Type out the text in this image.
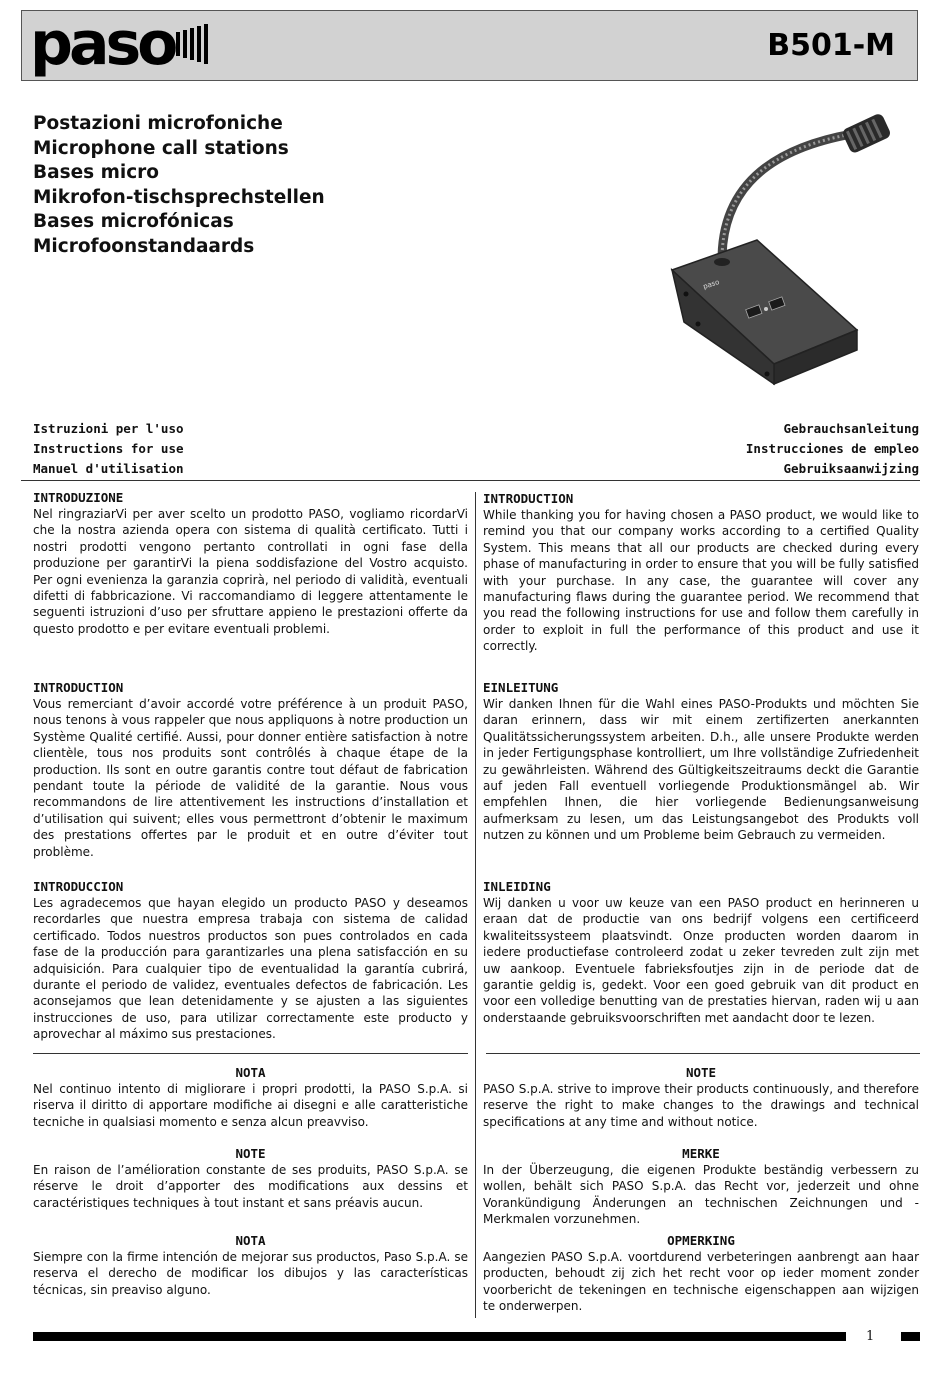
paso	B501-M
Postazioni microfoniche
Microphone call stations
Bases micro
Mikrofon-tischsprechstellen
Bases microfónicas
Microfoonstandaards
paso
Istruzioni per l'uso
Instructions for use
Manuel d'utilisation
Gebrauchsanleitung
Instrucciones de empleo
Gebruiksaanwijzing
INTRODUZIONE

Nel ringraziarVi per aver scelto un prodotto PASO, vogliamo ricordarVi che la nostra azienda opera con sistema di qualità certificato. Tutti i nostri prodotti vengono pertanto controllati in ogni fase della produzione per garantirVi la piena soddisfazione del Vostro acquisto. Per ogni evenienza la garanzia coprirà, nel periodo di validità, eventuali difetti di fabbricazione. Vi raccomandiamo di leggere attentamente le seguenti istruzioni d’uso per sfruttare appieno le prestazioni offerte da questo prodotto e per evitare eventuali problemi.

INTRODUCTION

Vous remerciant d’avoir accordé votre préférence à un produit PASO, nous tenons à vous rappeler que nous appliquons à notre production un Système Qualité certifié. Aussi, pour donner entière satisfaction à notre clientèle, tous nos produits sont contrôlés à chaque étape de la production. Ils sont en outre garantis contre tout défaut de fabrication pendant toute la période de validité de la garantie. Nous vous recommandons de lire attentivement les instructions d’installation et d’utilisation qui suivent; elles vous permettront d’obtenir le maximum des prestations offertes par le produit et en outre d’éviter tout problème.

INTRODUCCION

Les agradecemos que hayan elegido un producto PASO y deseamos recordarles que nuestra empresa trabaja con sistema de calidad certificado. Todos nuestros productos son pues controlados en cada fase de la producción para garantizarles una plena satisfacción en su adquisición. Para cualquier tipo de eventualidad la garantía cubrirá, durante el periodo de validez, eventuales defectos de fabricación. Les aconsejamos que lean detenidamente y se ajusten a las siguientes instrucciones de uso, para utilizar correctamente este producto y aprovechar al máximo sus prestaciones.

INTRODUCTION

While thanking you for having chosen a PASO product, we would like to remind you that our company works according to a certified Quality System. This means that all our products are checked during every phase of manufacturing in order to ensure that you will be fully satisfied with your purchase. In any case, the guarantee will cover any manufacturing flaws during the guarantee period. We recommend that you read the following instructions for use and follow them carefully in order to exploit in full the performance of this product and use it correctly.

EINLEITUNG

Wir danken Ihnen für die Wahl eines PASO-Produkts und möchten Sie daran erinnern, dass wir mit einem zertifizerten anerkannten Qualitätssicherungssystem arbeiten. D.h., alle unsere Produkte werden in jeder Fertigungsphase kontrolliert, um Ihre vollständige Zufriedenheit zu gewährleisten. Während des Gültigkeitszeitraums deckt die Garantie auf jeden Fall eventuell vorliegende Produktionsmängel ab. Wir empfehlen Ihnen, die hier vorliegende Bedienungsanweisung aufmerksam zu lesen, um das Leistungsangebot des Produkts voll nutzen zu können und um Probleme beim Gebrauch zu vermeiden.

INLEIDING

Wij danken u voor uw keuze van een PASO product en herinneren u eraan dat de productie van ons bedrijf volgens een certificeerd kwaliteitssysteem plaatsvindt. Onze producten worden daarom in iedere productiefase controleerd zodat u zeker tevreden zult zijn met uw aankoop. Eventuele fabrieksfoutjes zijn in de periode dat de garantie geldig is, gedekt. Voor een goed gebruik van dit product en voor een volledige benutting van de prestaties hiervan, raden wij u aan onderstaande gebruiksvoorschriften met aandacht door te lezen.

NOTA

Nel continuo intento di migliorare i propri prodotti, la PASO S.p.A. si riserva il diritto di apportare modifiche ai disegni e alle caratteristiche tecniche in qualsiasi momento e senza alcun preavviso.

NOTE

En raison de l’amélioration constante de ses produits, PASO S.p.A. se réserve le droit d’apporter des modifications aux dessins et caractéristiques techniques à tout instant et sans préavis aucun.

NOTA

Siempre con la firme intención de mejorar sus productos, Paso S.p.A. se reserva el derecho de modificar los dibujos y las características técnicas, sin preaviso alguno.

NOTE

PASO S.p.A. strive to improve their products continuously, and therefore reserve the right to make changes to the drawings and technical specifications at any time and without notice.

MERKE

In der Überzeugung, die eigenen Produkte beständig verbessern zu wollen, behält sich PASO S.p.A. das Recht vor, jederzeit und ohne Vorankündigung Änderungen an technischen Zeichnungen und - Merkmalen vorzunehmen.

OPMERKING

Aangezien PASO S.p.A. voortdurend verbeteringen aanbrengt aan haar producten, behoudt zij zich het recht voor op ieder moment zonder voorbericht de tekeningen en technische eigenschappen aan wijzigen te onderwerpen.

1
